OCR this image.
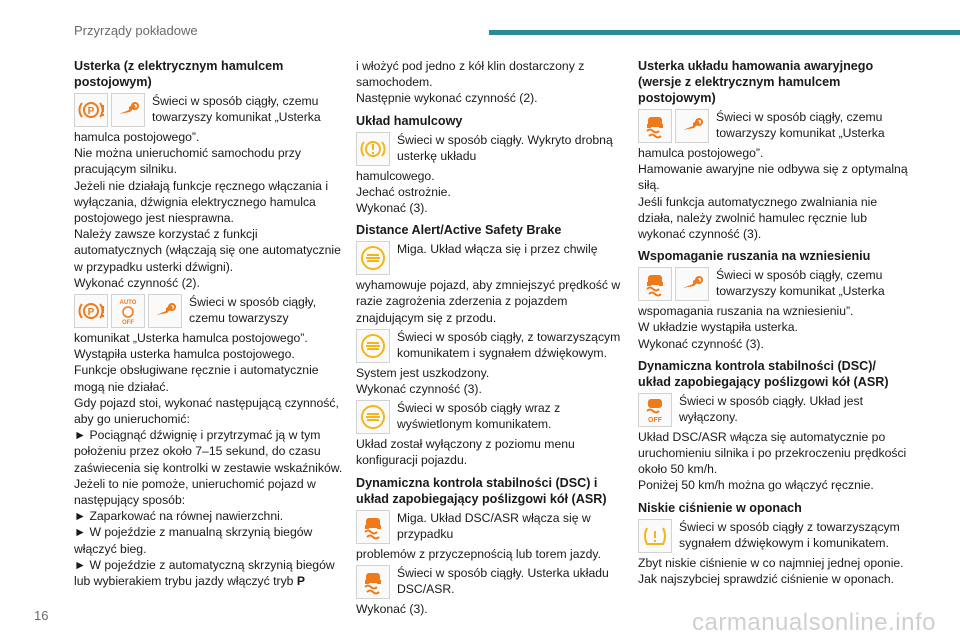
Przyrządy pokładowe
Usterka (z elektrycznym hamulcem postojowym)
Świeci w sposób ciągły, czemu towarzyszy komunikat „Usterka

hamulca postojowego”.

Nie można unieruchomić samochodu przy pracującym silniku.

Jeżeli nie działają funkcje ręcznego włączania i wyłączania, dźwignia elektrycznego hamulca postojowego jest niesprawna.

Należy zawsze korzystać z funkcji automatycznych (włączają się one automatycznie w przypadku usterki dźwigni).

Wykonać czynność (2).

AUTO
OFF
Świeci w sposób ciągły, czemu towarzyszy

komunikat „Usterka hamulca postojowego”.

Wystąpiła usterka hamulca postojowego.

Funkcje obsługiwane ręcznie i automatycznie mogą nie działać.

Gdy pojazd stoi, wykonać następującą czynność, aby go unieruchomić:

► Pociągnąć dźwignię i przytrzymać ją w tym położeniu przez około 7–15 sekund, do czasu zaświecenia się kontrolki w zestawie wskaźników.

Jeżeli to nie pomoże, unieruchomić pojazd w następujący sposób:

► Zaparkować na równej nawierzchni.

► W pojeździe z manualną skrzynią biegów włączyć bieg.

► W pojeździe z automatyczną skrzynią biegów lub wybierakiem trybu jazdy włączyć tryb P

i włożyć pod jedno z kół klin dostarczony z samochodem.

Następnie wykonać czynność (2).

Układ hamulcowy
Świeci w sposób ciągły. Wykryto drobną usterkę układu

hamulcowego.

Jechać ostrożnie.

Wykonać (3).

Distance Alert/Active Safety Brake
Miga. Układ włącza się i przez chwilę

wyhamowuje pojazd, aby zmniejszyć prędkość w razie zagrożenia zderzenia z pojazdem znajdującym się z przodu.

Świeci w sposób ciągły, z towarzyszącym komunikatem i sygnałem dźwiękowym.

System jest uszkodzony.

Wykonać czynność (3).

Świeci w sposób ciągły wraz z wyświetlonym komunikatem.

Układ został wyłączony z poziomu menu konfiguracji pojazdu.

Dynamiczna kontrola stabilności (DSC) i układ zapobiegający poślizgowi kół (ASR)
Miga. Układ DSC/ASR włącza się w przypadku

problemów z przyczepnością lub torem jazdy.

Świeci w sposób ciągły. Usterka układu DSC/ASR.

Wykonać (3).

Usterka układu hamowania awaryjnego (wersje z elektrycznym hamulcem postojowym)
Świeci w sposób ciągły, czemu towarzyszy komunikat „Usterka

hamulca postojowego”.

Hamowanie awaryjne nie odbywa się z optymalną siłą.

Jeśli funkcja automatycznego zwalniania nie działa, należy zwolnić hamulec ręcznie lub wykonać czynność (3).

Wspomaganie ruszania na wzniesieniu
Świeci w sposób ciągły, czemu towarzyszy komunikat „Usterka

wspomagania ruszania na wzniesieniu”.

W układzie wystąpiła usterka.

Wykonać czynność (3).

Dynamiczna kontrola stabilności (DSC)/ układ zapobiegający poślizgowi kół (ASR)
OFF
Świeci w sposób ciągły. Układ jest wyłączony.

Układ DSC/ASR włącza się automatycznie po uruchomieniu silnika i po przekroczeniu prędkości około 50 km/h.

Poniżej 50 km/h można go włączyć ręcznie.

Niskie ciśnienie w oponach
Świeci w sposób ciągły z towarzyszącym sygnałem dźwiękowym i komunikatem.

Zbyt niskie ciśnienie w co najmniej jednej oponie.

Jak najszybciej sprawdzić ciśnienie w oponach.

16	carmanualsonline.info
